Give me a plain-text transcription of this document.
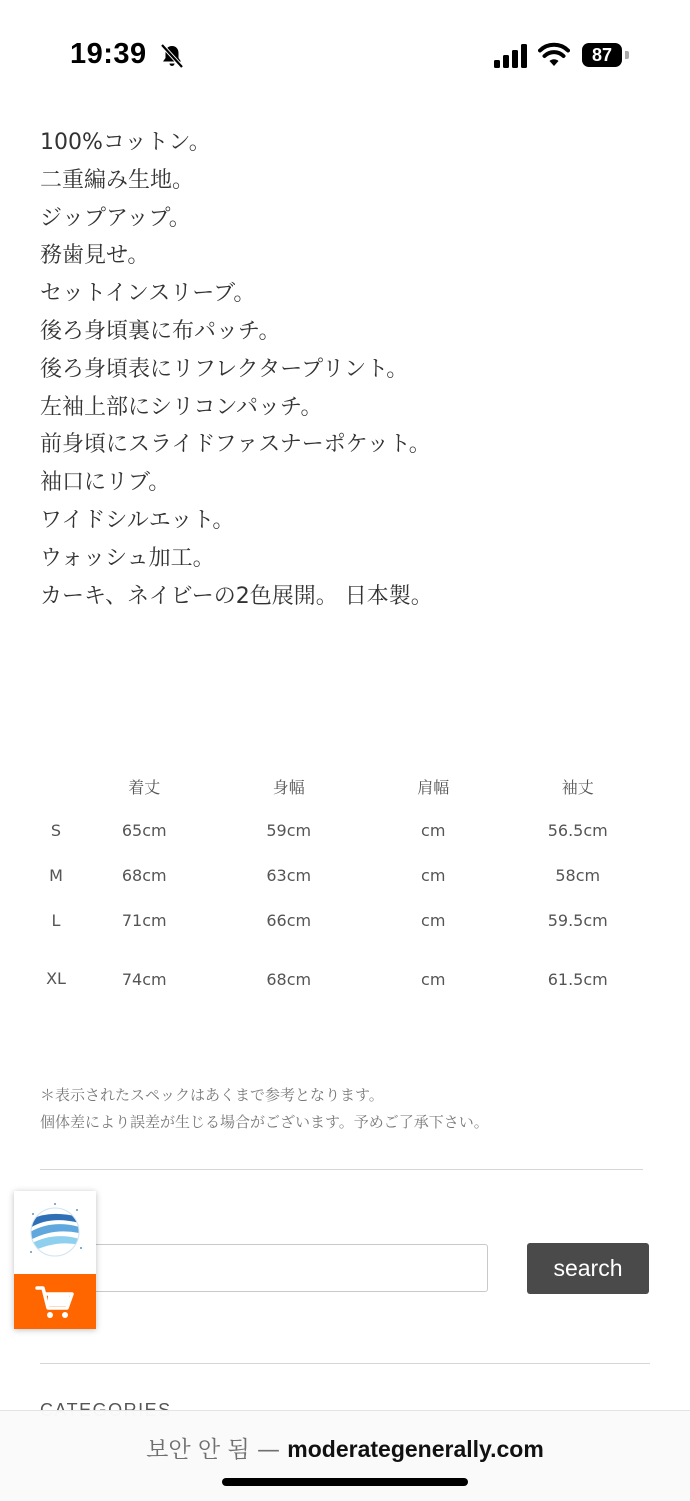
19:39	87
100%コットン。
二重編み生地。
ジップアップ。
務歯見せ。
セットインスリーブ。
後ろ身頃裏に布パッチ。
後ろ身頃表にリフレクタープリント。
左袖上部にシリコンパッチ。
前身頃にスライドファスナーポケット。
袖口にリブ。
ワイドシルエット。
ウォッシュ加工。
カーキ、ネイビーの2色展開。 日本製。
	着丈	身幅	肩幅	袖丈
S	65cm	59cm	cm	56.5cm
M	68cm	63cm	cm	58cm
L	71cm	66cm	cm	59.5cm
XL	74cm	68cm	cm	61.5cm
＊表示されたスペックはあくまで参考となります。
個体差により誤差が生じる場合がございます。予めご了承下さい。
search
보안 안 됨 — moderategenerally.com
